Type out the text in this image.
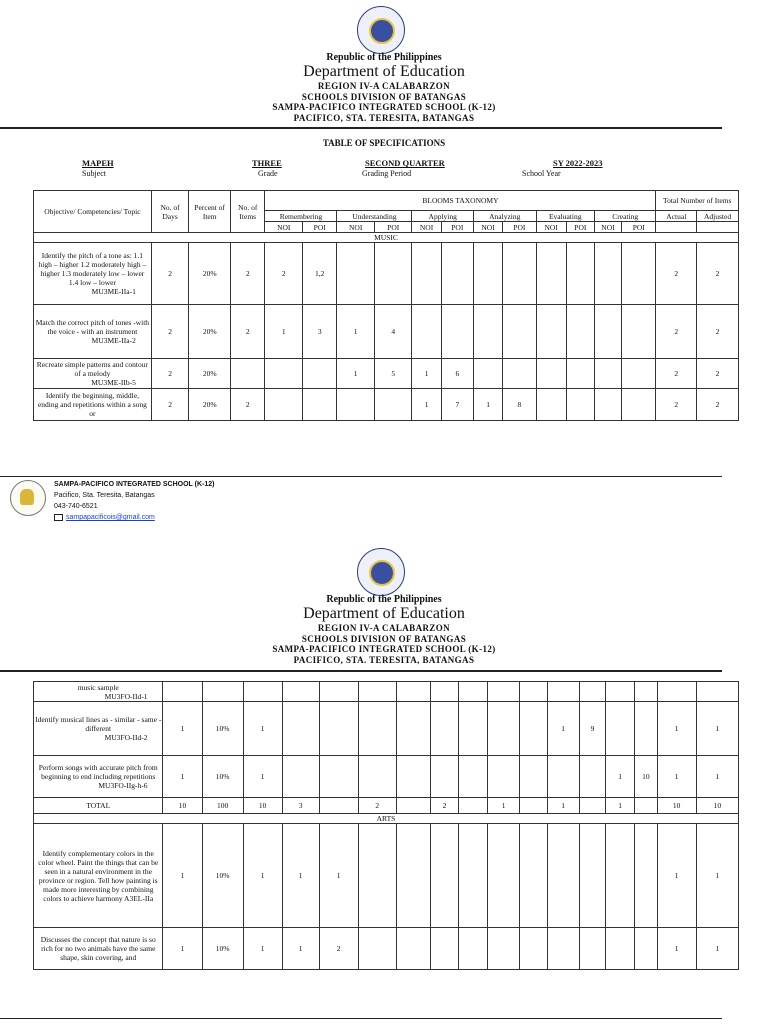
Republic of the Philippines
Department of Education
REGION IV-A CALABARZON
SCHOOLS DIVISION OF BATANGAS
SAMPA-PACIFICO INTEGRATED SCHOOL (K-12)
PACIFICO, STA. TERESITA, BATANGAS
TABLE OF SPECIFICATIONS
MAPEH
Subject
THREE
Grade
SECOND QUARTER
Grading Period
SY 2022-2023
School Year
Objective/ Competencies/ Topic	No. of Days	Percent of Item	No. of Items	BLOOMS TAXONOMY												Total Number of Items	
				Remembering		Understanding		Applying		Analyzing		Evaluating		Creating		Actual	Adjusted
				NOI	POI	NOI	POI	NOI	POI	NOI	POI	NOI	POI	NOI	POI		
MUSIC																	
Identify the pitch of a tone as: 1.1 high – higher 1.2 moderately high – higher 1.3 moderately low – lower 1.4 low – lower
MU3ME-IIa-1	2	20%	2	2	1,2											2	2
Match the correct pitch of tones -with the voice - with an instrument
MU3ME-IIa-2	2	20%	2	1	3	1	4									2	2
Recreate simple patterns and contour of a melody
MU3ME-IIb-5	2	20%				1	5	1	6							2	2
Identify the beginning, middle, ending and repetitions within a song or	2	20%	2					1	7	1	8					2	2
SAMPA-PACIFICO INTEGRATED SCHOOL (K-12)
Pacifico, Sta. Teresita, Batangas
043-740-6521
sampapacificois@gmail.com
Republic of the Philippines
Department of Education
REGION IV-A CALABARZON
SCHOOLS DIVISION OF BATANGAS
SAMPA-PACIFICO INTEGRATED SCHOOL (K-12)
PACIFICO, STA. TERESITA, BATANGAS
music sample
MU3FO-IId-1																	

Identify musical lines as - similar - same - different
MU3FO-IId-2	1	10%	1									1	9			1	1
Perform songs with accurate pitch from beginning to end including repetitions
MU3FO-IIg-h-6	1	10%	1											1	10	1	1
TOTAL	10	100	10	3		2		2		1		1		1		10	10
ARTS																	
Identify complementary colors in the color wheel. Paint the things that can be seen in a natural environment in the province or region. Tell how painting is made more interesting by combining colors to achieve harmony A3EL-IIa	1	10%	1	1	1											1	1
Discusses the concept that nature is so rich for no two animals have the same shape, skin covering, and	1	10%	1	1	2											1	1
